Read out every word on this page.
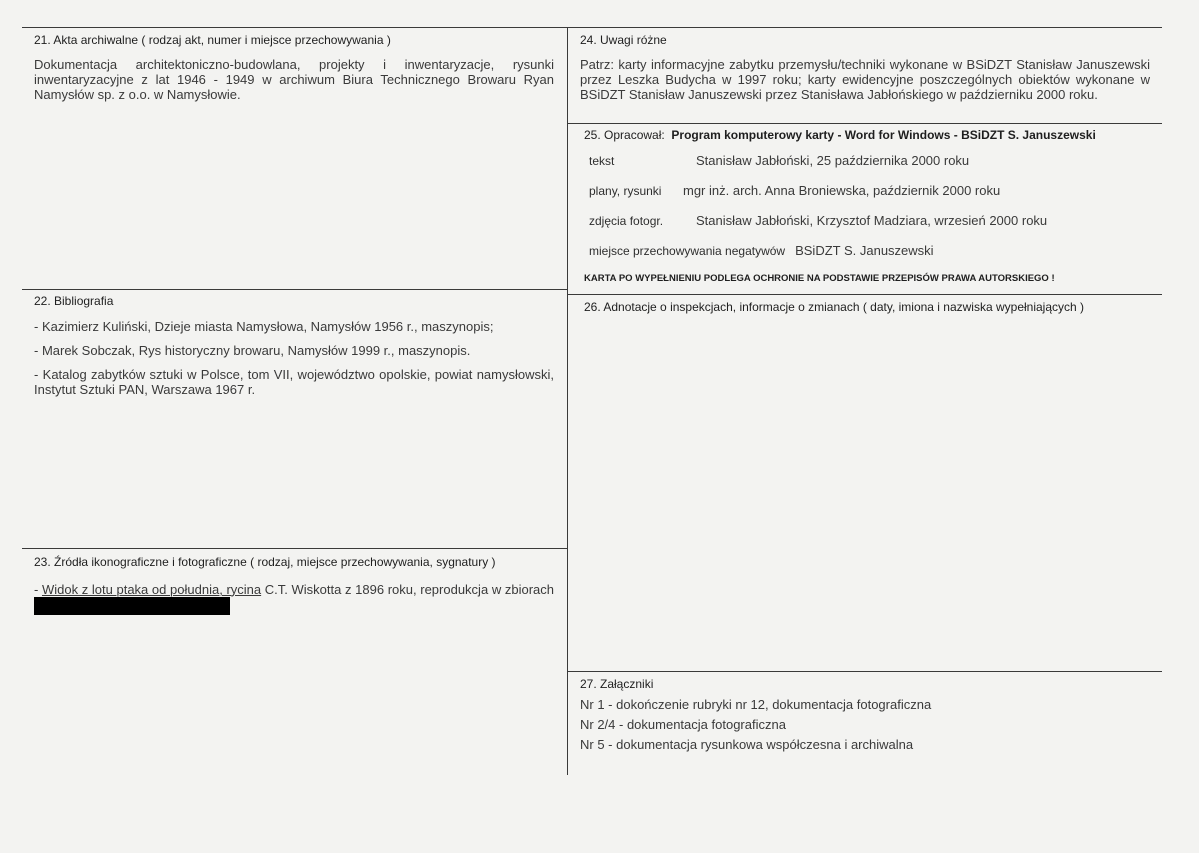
21. Akta archiwalne ( rodzaj akt, numer i miejsce przechowywania )
Dokumentacja architektoniczno-budowlana, projekty i inwentaryzacje, rysunki inwentaryzacyjne z lat 1946 - 1949 w archiwum Biura Technicznego Browaru Ryan Namysłów sp. z o.o. w Namysłowie.
22. Bibliografia
- Kazimierz Kuliński, Dzieje miasta Namysłowa, Namysłów 1956 r., maszynopis;
- Marek Sobczak, Rys historyczny browaru, Namysłów 1999 r., maszynopis.
- Katalog zabytków sztuki w Polsce, tom VII, województwo opolskie, powiat namysłowski, Instytut Sztuki PAN, Warszawa 1967 r.
23. Źródła ikonograficzne i fotograficzne ( rodzaj, miejsce przechowywania, sygnatury )
- Widok z lotu ptaka od południa, rycina C.T. Wiskotta z 1896 roku, reprodukcja w zbiorach
24. Uwagi różne
Patrz: karty informacyjne zabytku przemysłu/techniki wykonane w BSiDZT Stanisław Januszewski przez Leszka Budycha w 1997 roku; karty ewidencyjne poszczególnych obiektów wykonane w BSiDZT Stanisław Januszewski przez Stanisława Jabłońskiego w październiku 2000 roku.
25. Opracował: Program komputerowy karty - Word for Windows - BSiDZT S. Januszewski
tekst	Stanisław Jabłoński, 25 października 2000 roku
plany, rysunki	mgr inż. arch. Anna Broniewska, październik 2000 roku
zdjęcia fotogr.	Stanisław Jabłoński, Krzysztof Madziara, wrzesień 2000 roku
miejsce przechowywania negatywów BSiDZT S. Januszewski
KARTA PO WYPEŁNIENIU PODLEGA OCHRONIE NA PODSTAWIE PRZEPISÓW PRAWA AUTORSKIEGO !
26. Adnotacje o inspekcjach, informacje o zmianach ( daty, imiona i nazwiska wypełniających )
27. Załączniki
Nr 1 - dokończenie rubryki nr 12, dokumentacja fotograficzna
Nr 2/4 - dokumentacja fotograficzna
Nr 5 - dokumentacja rysunkowa współczesna i archiwalna
